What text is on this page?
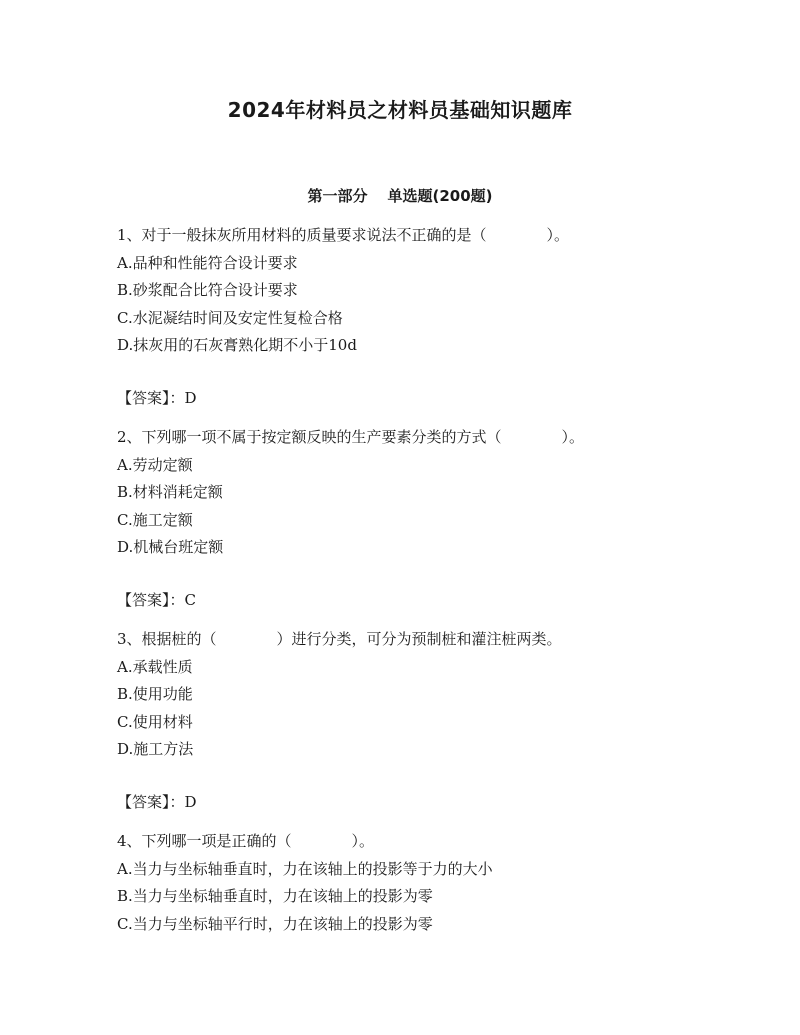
2024年材料员之材料员基础知识题库
第一部分 单选题(200题)
1、对于一般抹灰所用材料的质量要求说法不正确的是（　　　　）。
A.品种和性能符合设计要求
B.砂浆配合比符合设计要求
C.水泥凝结时间及安定性复检合格
D.抹灰用的石灰膏熟化期不小于10d
【答案】：D
2、下列哪一项不属于按定额反映的生产要素分类的方式（　　　　）。
A.劳动定额
B.材料消耗定额
C.施工定额
D.机械台班定额
【答案】：C
3、根据桩的（　　　　）进行分类，可分为预制桩和灌注桩两类。
A.承载性质
B.使用功能
C.使用材料
D.施工方法
【答案】：D
4、下列哪一项是正确的（　　　　）。
A.当力与坐标轴垂直时，力在该轴上的投影等于力的大小
B.当力与坐标轴垂直时，力在该轴上的投影为零
C.当力与坐标轴平行时，力在该轴上的投影为零
